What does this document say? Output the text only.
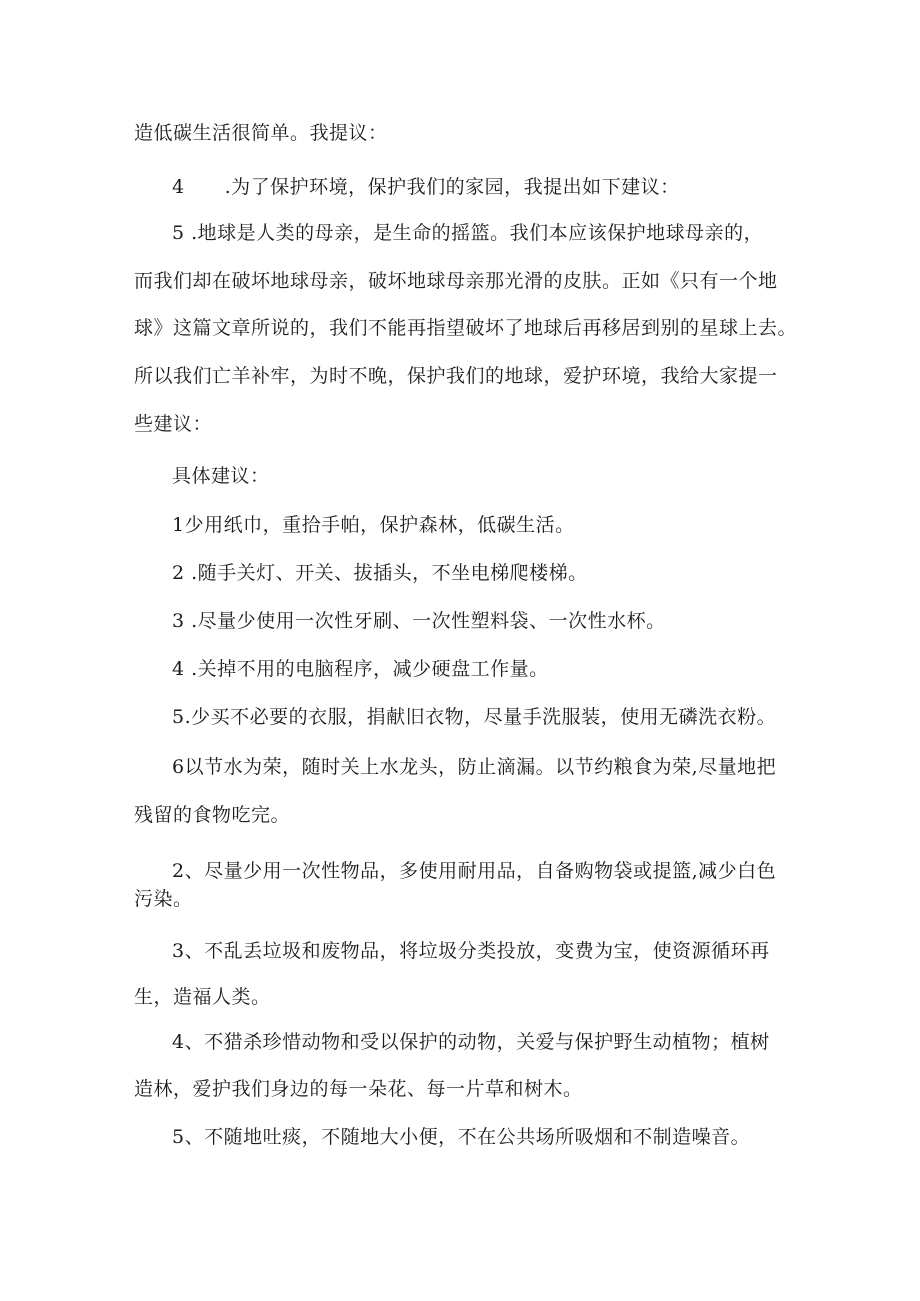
造低碳生活很简单。我提议：

4 .为了保护环境，保护我们的家园，我提出如下建议：

5 .地球是人类的母亲，是生命的摇篮。我们本应该保护地球母亲的，

而我们却在破坏地球母亲，破坏地球母亲那光滑的皮肤。正如《只有一个地

球》这篇文章所说的，我们不能再指望破坏了地球后再移居到别的星球上去。

所以我们亡羊补牢，为时不晚，保护我们的地球，爱护环境，我给大家提一

些建议：

具体建议：

1少用纸巾，重拾手帕，保护森林，低碳生活。

2 .随手关灯、开关、拔插头，不坐电梯爬楼梯。

3 .尽量少使用一次性牙刷、一次性塑料袋、一次性水杯。

4 .关掉不用的电脑程序，减少硬盘工作量。

5.少买不必要的衣服，捐献旧衣物，尽量手洗服装，使用无磷洗衣粉。

6以节水为荣，随时关上水龙头，防止滴漏。以节约粮食为荣,尽量地把

残留的食物吃完。

2、尽量少用一次性物品，多使用耐用品，自备购物袋或提篮,减少白色

污染。

3、不乱丢垃圾和废物品，将垃圾分类投放，变费为宝，使资源循环再

生，造福人类。

4、不猎杀珍惜动物和受以保护的动物，关爱与保护野生动植物；植树

造林，爱护我们身边的每一朵花、每一片草和树木。

5、不随地吐痰，不随地大小便，不在公共场所吸烟和不制造噪音。
